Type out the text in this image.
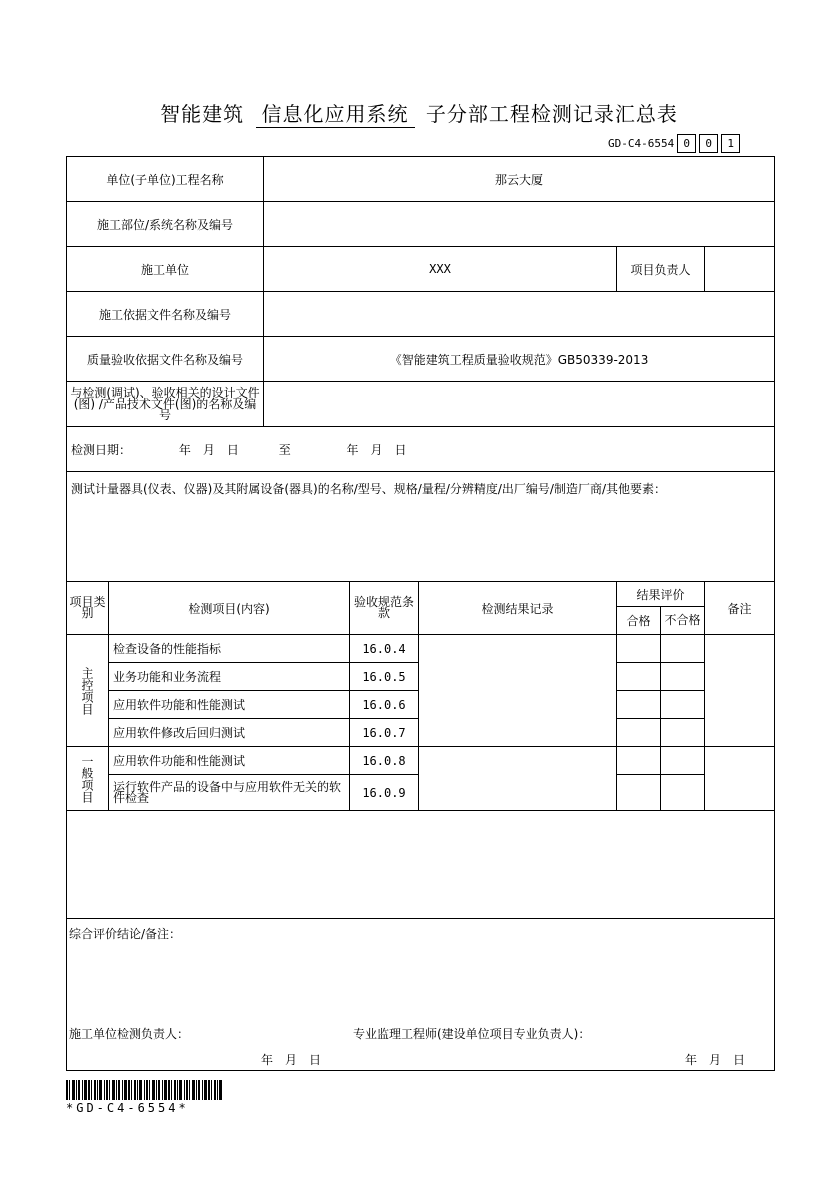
智能建筑 信息化应用系统 子分部工程检测记录汇总表
GD-C4-6554 0	0	1
单位(子单位)工程名称		那云大厦					
施工部位/系统名称及编号							
施工单位		XXX			项目负责人		
施工依据文件名称及编号							
质量验收依据文件名称及编号		《智能建筑工程质量验收规范》GB50339-2013					
与检测(调试)、验收相关的设计文件(图) /产品技术文件(图)的名称及编号							
检测日期： 年　月　日 至 年　月　日							
测试计量器具(仪表、仪器)及其附属设备(器具)的名称/型号、规格/量程/分辨精度/出厂编号/制造厂商/其他要素：							
项目类别	检测项目(内容)		验收规范条款	检测结果记录	结果评价		备注
					合格	不合格	

主控项目	检查设备的性能指标		16.0.4				
	业务功能和业务流程		16.0.5				
	应用软件功能和性能测试		16.0.6				
	应用软件修改后回归测试		16.0.7				

一般项目	应用软件功能和性能测试		16.0.8				
	运行软件产品的设备中与应用软件无关的软件检查		16.0.9				

综合评价结论/备注：
施工单位检测负责人： 专业监理工程师(建设单位项目专业负责人)：
年　月　日 年　月　日							
*GD-C4-6554*
